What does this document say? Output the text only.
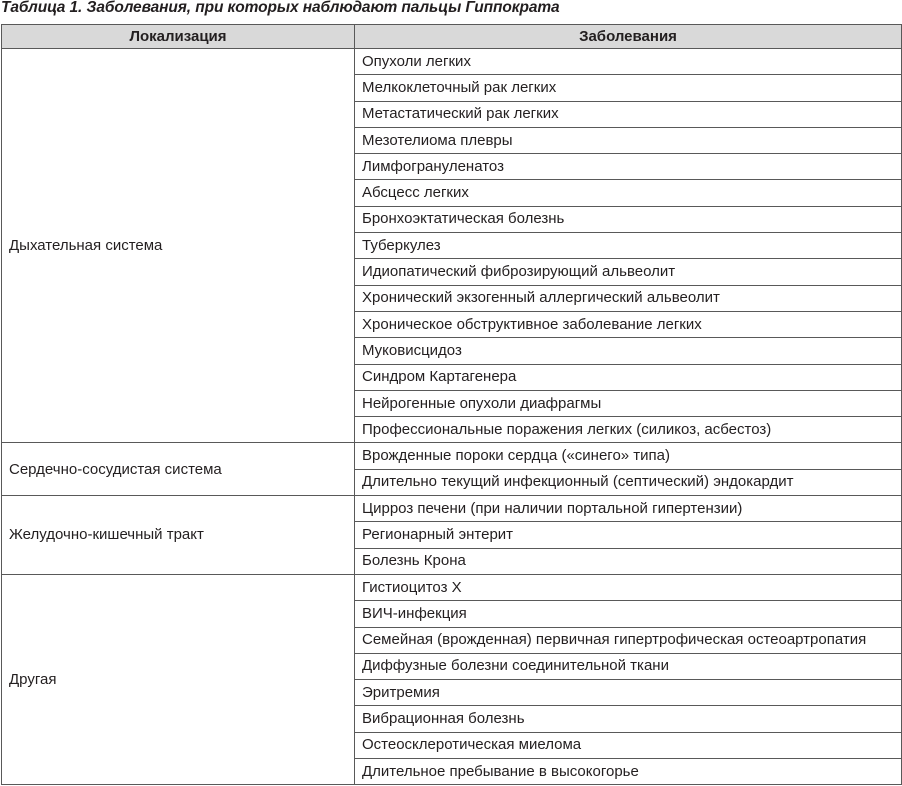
Таблица 1. Заболевания, при которых наблюдают пальцы Гиппократа
Локализация	Заболевания
Дыхательная система	Опухоли легких
	Мелкоклеточный рак легких
	Метастатический рак легких
	Мезотелиома плевры
	Лимфогрануленатоз
	Абсцесс легких
	Бронхоэктатическая болезнь
	Туберкулез
	Идиопатический фиброзирующий альвеолит
	Хронический экзогенный аллергический альвеолит
	Хроническое обструктивное заболевание легких
	Муковисцидоз
	Синдром Картагенера
	Нейрогенные опухоли диафрагмы
	Профессиональные поражения легких (силикоз, асбестоз)
Сердечно-сосудистая система	Врожденные пороки сердца («синего» типа)
	Длительно текущий инфекционный (септический) эндокардит
Желудочно-кишечный тракт	Цирроз печени (при наличии портальной гипертензии)
	Регионарный энтерит
	Болезнь Крона
Другая	Гистиоцитоз X
	ВИЧ-инфекция
	Семейная (врожденная) первичная гипертрофическая остеоартропатия
	Диффузные болезни соединительной ткани
	Эритремия
	Вибрационная болезнь
	Остеосклеротическая миелома
	Длительное пребывание в высокогорье
